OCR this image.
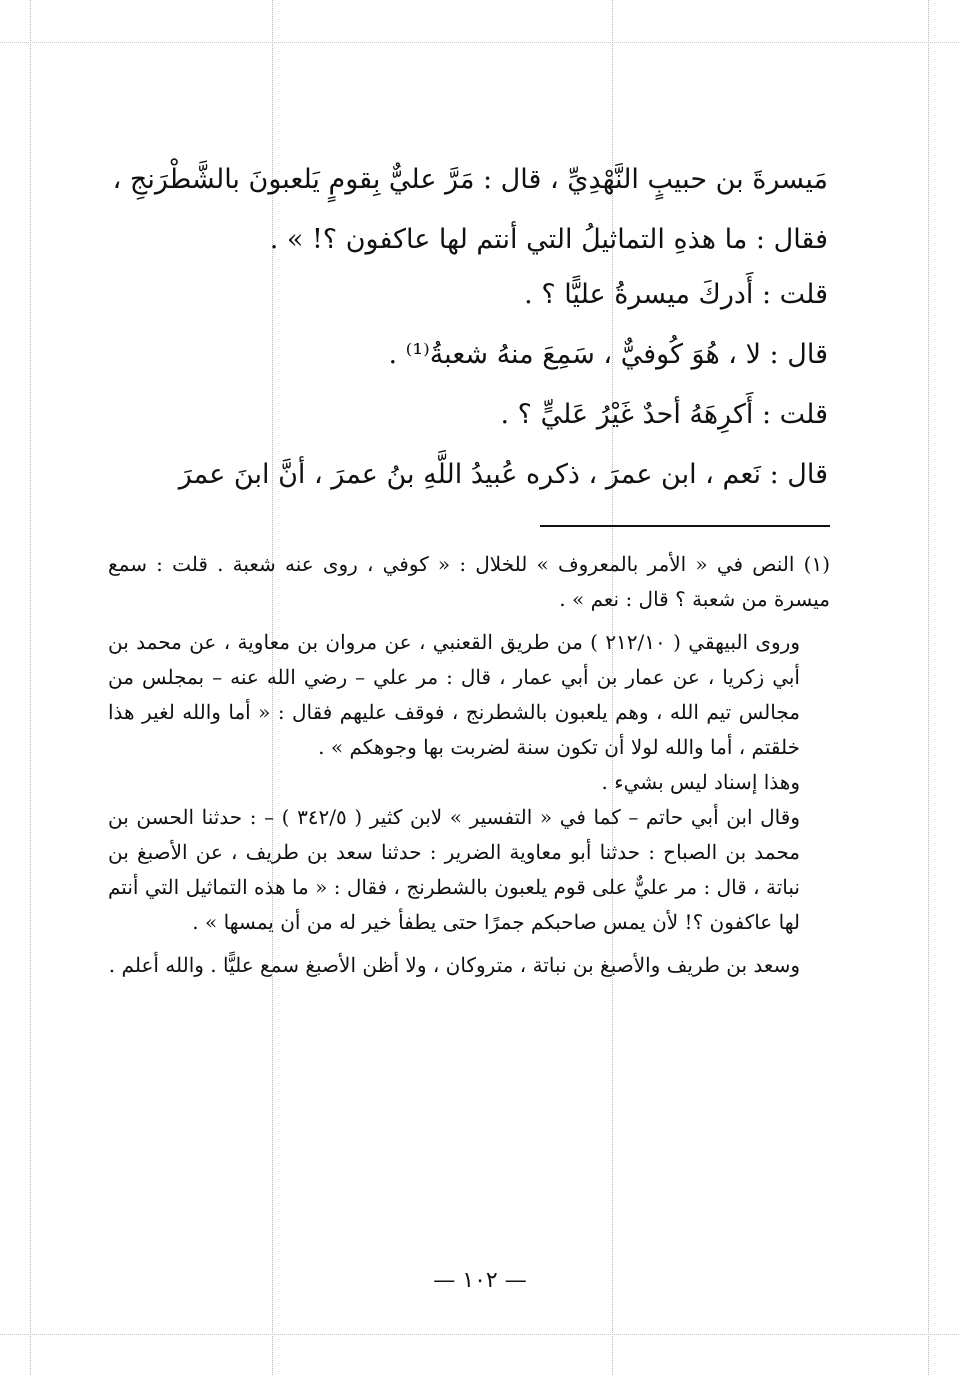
مَيسرةَ بن حبيبٍ النَّهْدِيِّ ، قال : مَرَّ عليٌّ بِقومٍ يَلعبونَ بالشَّطْرَنجِ ،

فقال : ما هذهِ التماثيلُ التي أنتم لها عاكفون ؟! » .

قلت : أَدركَ ميسرةُ عليًّا ؟ .

قال : لا ، هُوَ كُوفيٌّ ، سَمِعَ منهُ شعبةُ⁽¹⁾ .

قلت : أَكرِهَهُ أحدٌ غَيْرُ عَليٍّ ؟ .

قال : نَعم ، ابن عمرَ ، ذكره عُبيدُ اللَّهِ بنُ عمرَ ، أنَّ ابنَ عمرَ

(١) النص في « الأمر بالمعروف » للخلال : « كوفي ، روى عنه شعبة . قلت : سمع ميسرة من شعبة ؟ قال : نعم » .

وروى البيهقي ( ٢١٢/١٠ ) من طريق القعنبي ، عن مروان بن معاوية ، عن محمد بن أبي زكريا ، عن عمار بن أبي عمار ، قال : مر علي – رضي الله عنه – بمجلس من مجالس تيم الله ، وهم يلعبون بالشطرنج ، فوقف عليهم فقال : « أما والله لغير هذا خلقتم ، أما والله لولا أن تكون سنة لضربت بها وجوهكم » .

وهذا إسناد ليس بشيء .

وقال ابن أبي حاتم – كما في « التفسير » لابن كثير ( ٣٤٢/٥ ) – : حدثنا الحسن بن محمد بن الصباح : حدثنا أبو معاوية الضرير : حدثنا سعد بن طريف ، عن الأصبغ بن نباتة ، قال : مر عليٌّ على قوم يلعبون بالشطرنج ، فقال : « ما هذه التماثيل التي أنتم لها عاكفون ؟! لأن يمس صاحبكم جمرًا حتى يطفأ خير له من أن يمسها » .

وسعد بن طريف والأصبغ بن نباتة ، متروكان ، ولا أظن الأصبغ سمع عليًّا . والله أعلم .

— ١٠٢ —
